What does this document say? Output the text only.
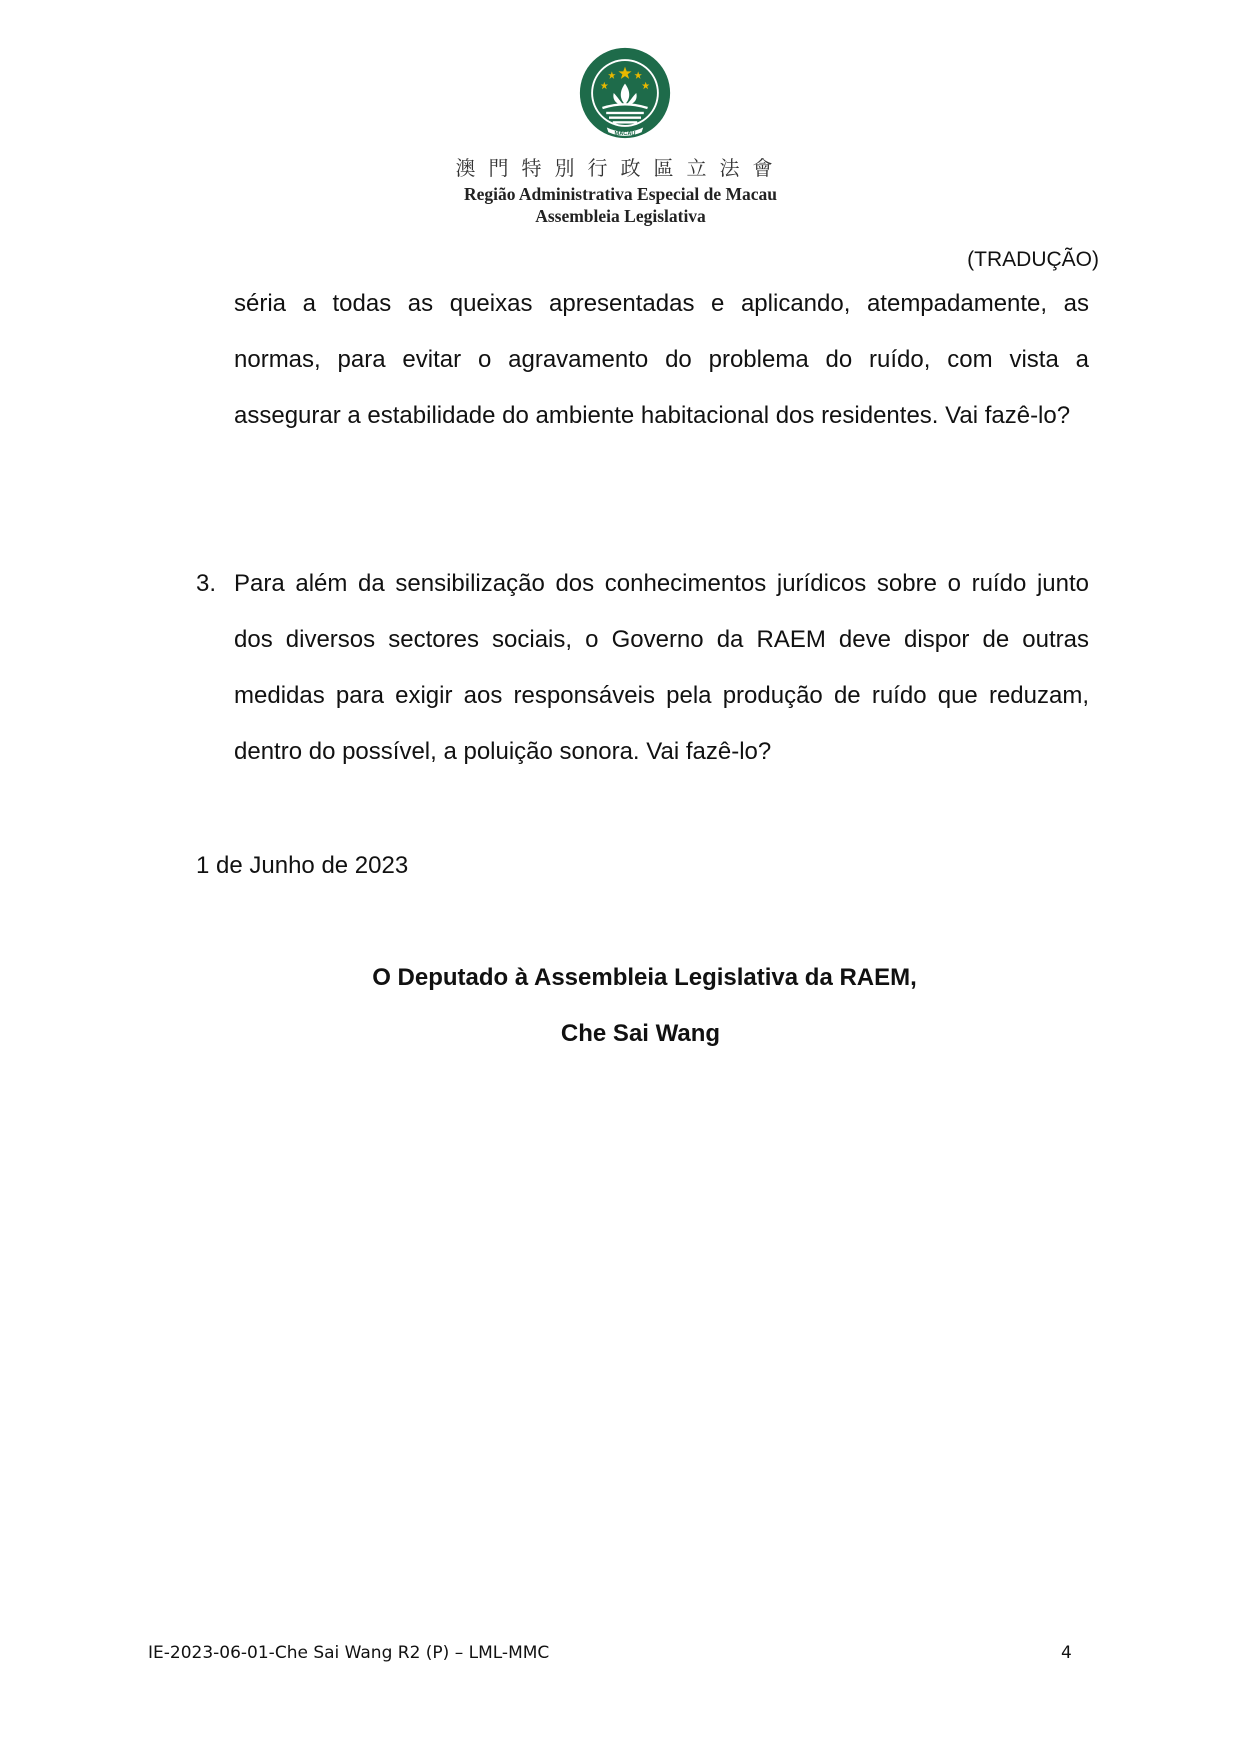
MACAU
澳門特別行政區立法會
Região Administrativa Especial de Macau
Assembleia Legislativa
(TRADUÇÃO)
séria a todas as queixas apresentadas e aplicando, atempadamente, as normas, para evitar o agravamento do problema do ruído, com vista a assegurar a estabilidade do ambiente habitacional dos residentes. Vai fazê-lo?
3. Para além da sensibilização dos conhecimentos jurídicos sobre o ruído junto dos diversos sectores sociais, o Governo da RAEM deve dispor de outras medidas para exigir aos responsáveis pela produção de ruído que reduzam, dentro do possível, a poluição sonora. Vai fazê-lo?
1 de Junho de 2023
O Deputado à Assembleia Legislativa da RAEM,
Che Sai Wang
IE-2023-06-01-Che Sai Wang R2 (P) – LML-MMC	4
